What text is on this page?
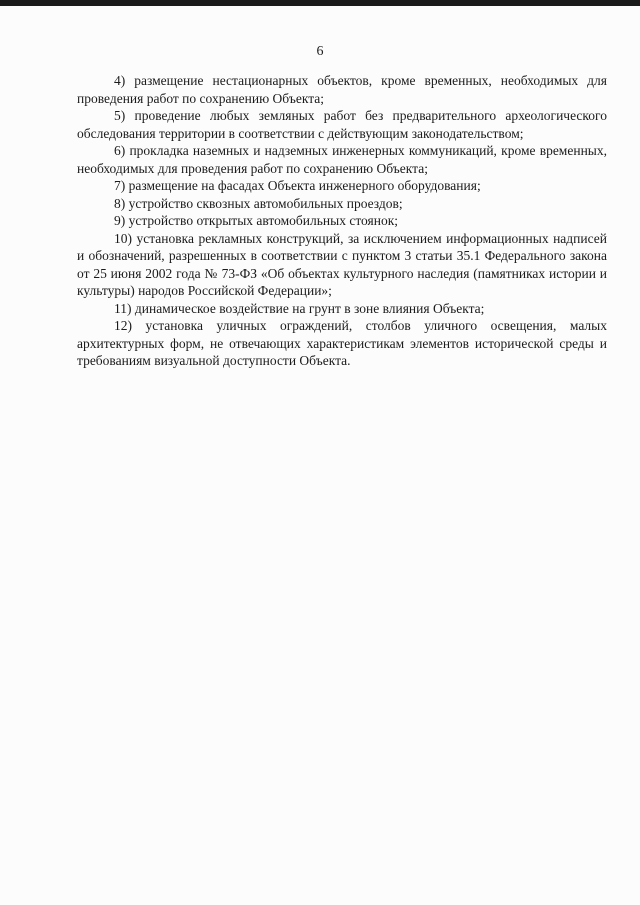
6

4) размещение нестационарных объектов, кроме временных, необходимых для проведения работ по сохранению Объекта;

5) проведение любых земляных работ без предварительного археологического обследования территории в соответствии с действующим законодательством;

6) прокладка наземных и надземных инженерных коммуникаций, кроме временных, необходимых для проведения работ по сохранению Объекта;

7) размещение на фасадах Объекта инженерного оборудования;

8) устройство сквозных автомобильных проездов;

9) устройство открытых автомобильных стоянок;

10) установка рекламных конструкций, за исключением информационных надписей и обозначений, разрешенных в соответствии с пунктом 3 статьи 35.1 Федерального закона от 25 июня 2002 года № 73-ФЗ «Об объектах культурного наследия (памятниках истории и культуры) народов Российской Федерации»;

11) динамическое воздействие на грунт в зоне влияния Объекта;

12) установка уличных ограждений, столбов уличного освещения, малых архитектурных форм, не отвечающих характеристикам элементов исторической среды и требованиям визуальной доступности Объекта.
